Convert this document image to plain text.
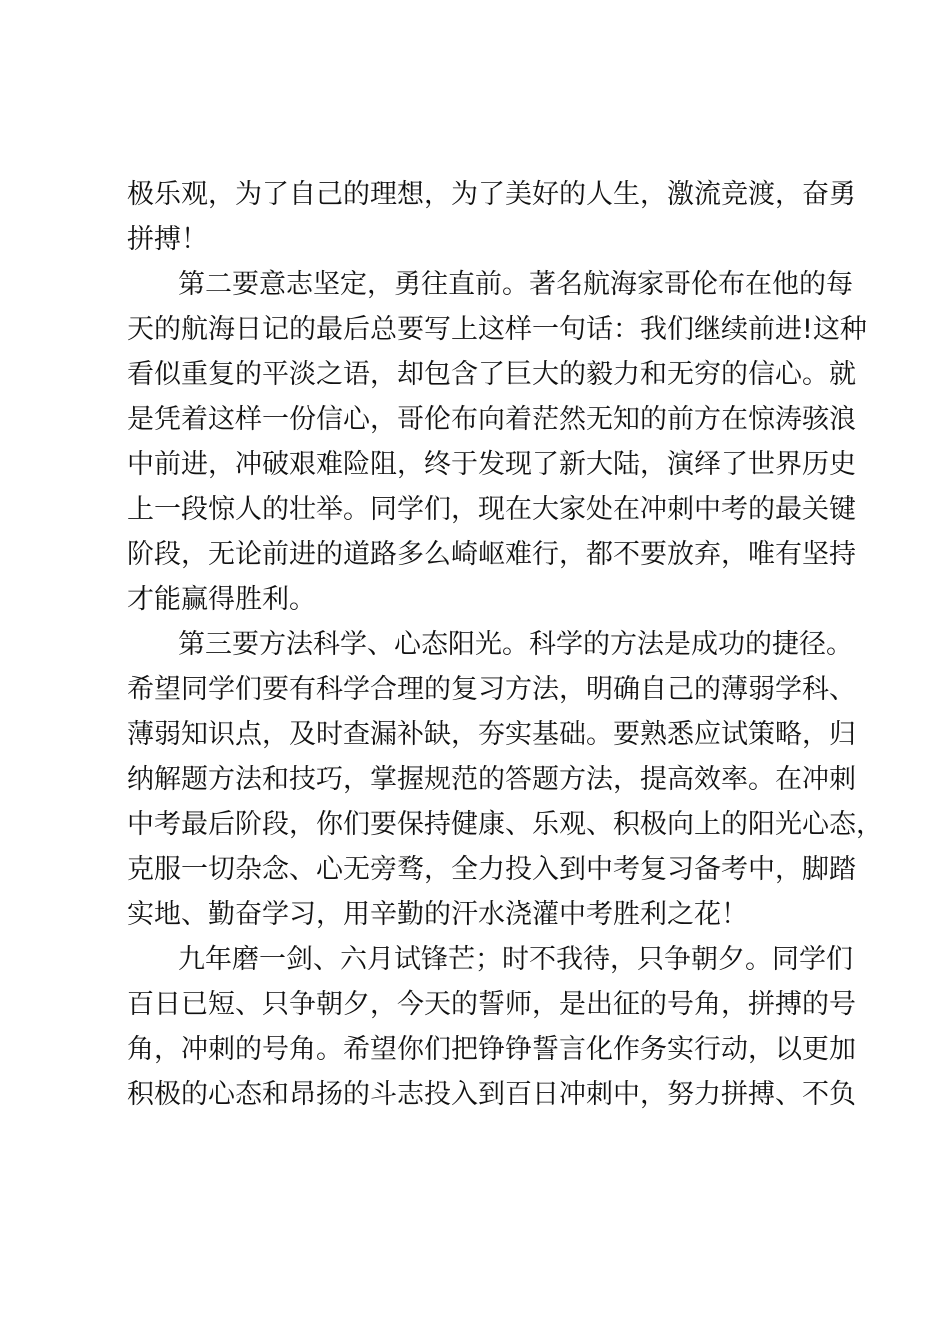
极乐观，为了自己的理想，为了美好的人生，激流竞渡，奋勇
拼搏！
第二要意志坚定，勇往直前。著名航海家哥伦布在他的每
天的航海日记的最后总要写上这样一句话：我们继续前进!这种
看似重复的平淡之语，却包含了巨大的毅力和无穷的信心。就
是凭着这样一份信心，哥伦布向着茫然无知的前方在惊涛骇浪
中前进，冲破艰难险阻，终于发现了新大陆，演绎了世界历史
上一段惊人的壮举。同学们，现在大家处在冲刺中考的最关键
阶段，无论前进的道路多么崎岖难行，都不要放弃，唯有坚持
才能赢得胜利。
第三要方法科学、心态阳光。科学的方法是成功的捷径。
希望同学们要有科学合理的复习方法，明确自己的薄弱学科、
薄弱知识点，及时查漏补缺，夯实基础。要熟悉应试策略，归
纳解题方法和技巧，掌握规范的答题方法，提高效率。在冲刺
中考最后阶段，你们要保持健康、乐观、积极向上的阳光心态，
克服一切杂念、心无旁骛，全力投入到中考复习备考中，脚踏
实地、勤奋学习，用辛勤的汗水浇灌中考胜利之花！
九年磨一剑、六月试锋芒；时不我待，只争朝夕。同学们
百日已短、只争朝夕，今天的誓师，是出征的号角，拼搏的号
角，冲刺的号角。希望你们把铮铮誓言化作务实行动，以更加
积极的心态和昂扬的斗志投入到百日冲刺中，努力拼搏、不负
